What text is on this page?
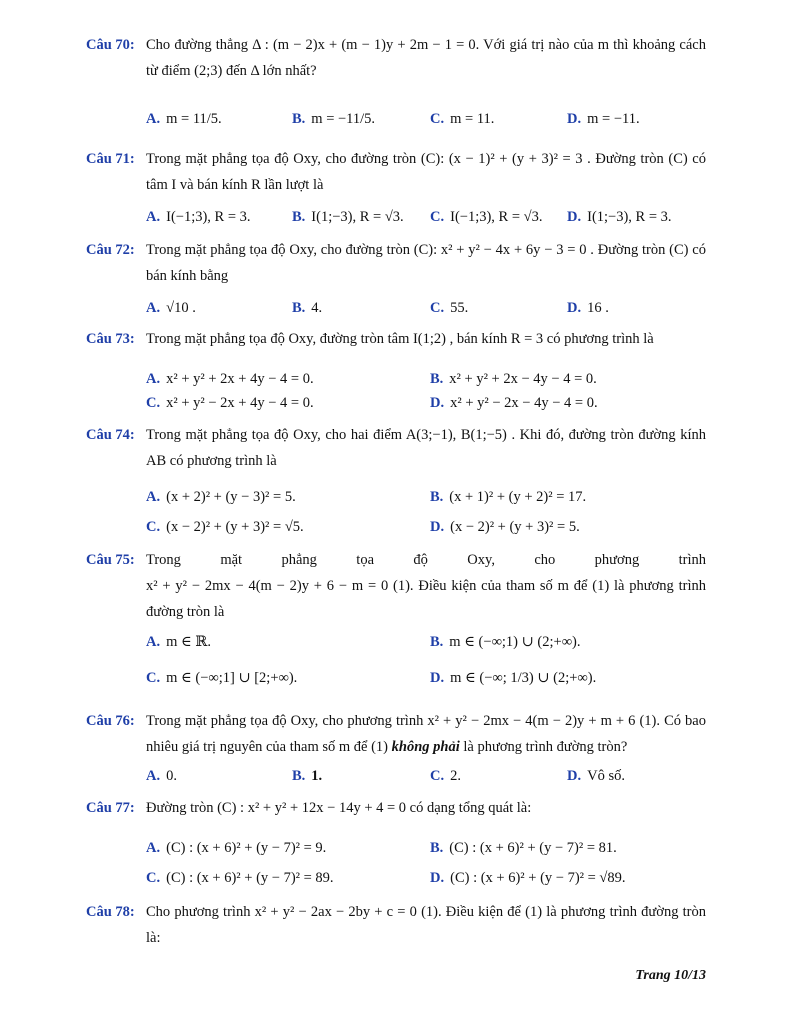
Câu 70: Cho đường thẳng Δ : (m − 2)x + (m − 1)y + 2m − 1 = 0. Với giá trị nào của m thì khoảng cách từ điểm (2;3) đến Δ lớn nhất?
A. m = 11/5.	B. m = −11/5.	C. m = 11.	D. m = −11.
Câu 71: Trong mặt phẳng tọa độ Oxy, cho đường tròn (C): (x − 1)² + (y + 3)² = 3 . Đường tròn (C) có tâm I và bán kính R lần lượt là
A. I(−1;3), R = 3.	B. I(1;−3), R = √3. C. I(−1;3), R = √3. D. I(1;−3), R = 3.
Câu 72: Trong mặt phẳng tọa độ Oxy, cho đường tròn (C): x² + y² − 4x + 6y − 3 = 0 . Đường tròn (C) có bán kính bằng
A. √10 .	B. 4.	C. 55.	D. 16 .
Câu 73: Trong mặt phẳng tọa độ Oxy, đường tròn tâm I(1;2) , bán kính R = 3 có phương trình là
A. x² + y² + 2x + 4y − 4 = 0.	B. x² + y² + 2x − 4y − 4 = 0.
C. x² + y² − 2x + 4y − 4 = 0.	D. x² + y² − 2x − 4y − 4 = 0.
Câu 74: Trong mặt phẳng tọa độ Oxy, cho hai điểm A(3;−1), B(1;−5) . Khi đó, đường tròn đường kính AB có phương trình là
A. (x + 2)² + (y − 3)² = 5.	B. (x + 1)² + (y + 2)² = 17.
C. (x − 2)² + (y + 3)² = √5.	D. (x − 2)² + (y + 3)² = 5.
Câu 75: Trong mặt phẳng tọa độ Oxy, cho phương trình
x² + y² − 2mx − 4(m − 2)y + 6 − m = 0 (1). Điều kiện của tham số m để (1) là phương trình đường tròn là
A. m ∈ ℝ.	B. m ∈ (−∞;1) ∪ (2;+∞).
C. m ∈ (−∞;1] ∪ [2;+∞).	D. m ∈ (−∞; 1/3) ∪ (2;+∞).
Câu 76: Trong mặt phẳng tọa độ Oxy, cho phương trình x² + y² − 2mx − 4(m − 2)y + m + 6 (1). Có bao nhiêu giá trị nguyên của tham số m để (1) không phải là phương trình đường tròn?
A. 0.	B. 1.	C. 2.	D. Vô số.
Câu 77: Đường tròn (C) : x² + y² + 12x − 14y + 4 = 0 có dạng tổng quát là:
A. (C) : (x + 6)² + (y − 7)² = 9.	B. (C) : (x + 6)² + (y − 7)² = 81.
C. (C) : (x + 6)² + (y − 7)² = 89.	D. (C) : (x + 6)² + (y − 7)² = √89.
Câu 78: Cho phương trình x² + y² − 2ax − 2by + c = 0 (1). Điều kiện để (1) là phương trình đường tròn là:
Trang 10/13
